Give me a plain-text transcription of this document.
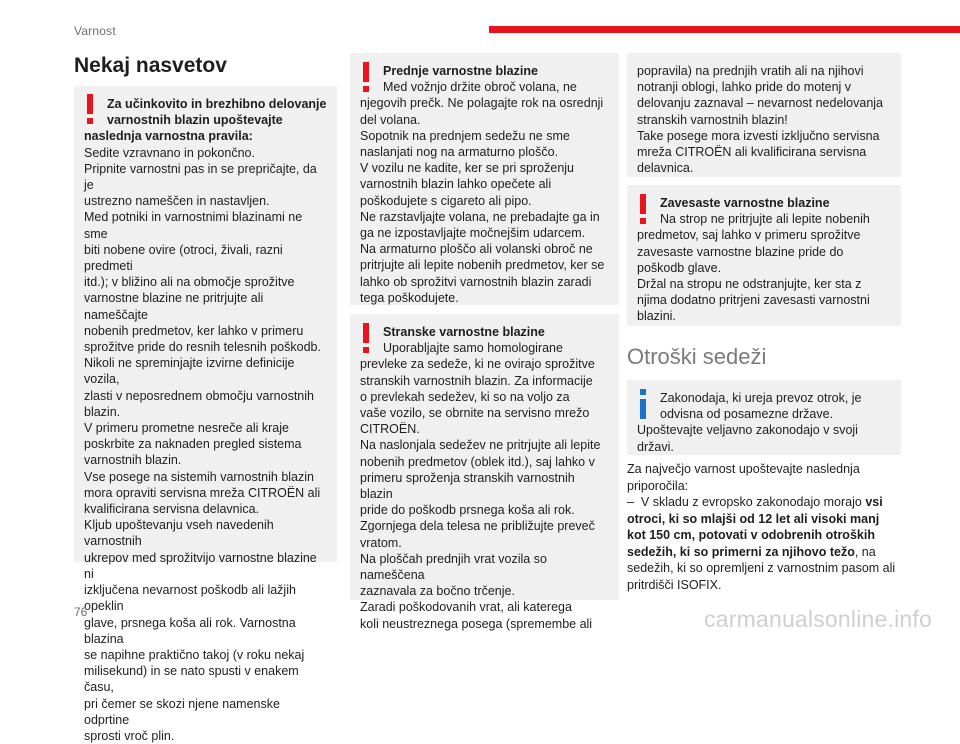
Varnost
Nekaj nasvetov
Za učinkovito in brezhibno delovanje
varnostnih blazin upoštevajte
naslednja varnostna pravila:
Sedite vzravnano in pokončno.
Pripnite varnostni pas in se prepričajte, da je
ustrezno nameščen in nastavljen.
Med potniki in varnostnimi blazinami ne sme
biti nobene ovire (otroci, živali, razni predmeti
itd.); v bližino ali na območje sprožitve
varnostne blazine ne pritrjujte ali nameščajte
nobenih predmetov, ker lahko v primeru
sprožitve pride do resnih telesnih poškodb.
Nikoli ne spreminjajte izvirne definicije vozila,
zlasti v neposrednem območju varnostnih
blazin.
V primeru prometne nesreče ali kraje
poskrbite za naknaden pregled sistema
varnostnih blazin.
Vse posege na sistemih varnostnih blazin
mora opraviti servisna mreža CITROËN ali
kvalificirana servisna delavnica.
Kljub upoštevanju vseh navedenih varnostnih
ukrepov med sprožitvijo varnostne blazine ni
izključena nevarnost poškodb ali lažjih opeklin
glave, prsnega koša ali rok. Varnostna blazina
se napihne praktično takoj (v roku nekaj
milisekund) in se nato spusti v enakem času,
pri čemer se skozi njene namenske odprtine
sprosti vroč plin.
Prednje varnostne blazine
Med vožnjo držite obroč volana, ne
njegovih prečk. Ne polagajte rok na osrednji
del volana.
Sopotnik na prednjem sedežu ne sme
naslanjati nog na armaturno ploščo.
V vozilu ne kadite, ker se pri sproženju
varnostnih blazin lahko opečete ali
poškodujete s cigareto ali pipo.
Ne razstavljajte volana, ne prebadajte ga in
ga ne izpostavljajte močnejšim udarcem.
Na armaturno ploščo ali volanski obroč ne
pritrjujte ali lepite nobenih predmetov, ker se
lahko ob sprožitvi varnostnih blazin zaradi
tega poškodujete.
Stranske varnostne blazine
Uporabljajte samo homologirane
prevleke za sedeže, ki ne ovirajo sprožitve
stranskih varnostnih blazin. Za informacije
o prevlekah sedežev, ki so na voljo za
vaše vozilo, se obrnite na servisno mrežo
CITROËN.
Na naslonjala sedežev ne pritrjujte ali lepite
nobenih predmetov (oblek itd.), saj lahko v
primeru sproženja stranskih varnostnih blazin
pride do poškodb prsnega koša ali rok.
Zgornjega dela telesa ne približujte preveč
vratom.
Na ploščah prednjih vrat vozila so nameščena
zaznavala za bočno trčenje.
Zaradi poškodovanih vrat, ali katerega
koli neustreznega posega (spremembe ali
popravila) na prednjih vratih ali na njihovi
notranji oblogi, lahko pride do motenj v
delovanju zaznaval – nevarnost nedelovanja
stranskih varnostnih blazin!
Take posege mora izvesti izključno servisna
mreža CITROËN ali kvalificirana servisna
delavnica.
Zavesaste varnostne blazine
Na strop ne pritrjujte ali lepite nobenih
predmetov, saj lahko v primeru sprožitve
zavesaste varnostne blazine pride do
poškodb glave.
Držal na stropu ne odstranjujte, ker sta z
njima dodatno pritrjeni zavesasti varnostni
blazini.
Otroški sedeži
Zakonodaja, ki ureja prevoz otrok, je
odvisna od posamezne države.
Upoštevajte veljavno zakonodajo v svoji
državi.
Za največjo varnost upoštevajte naslednja
priporočila:
–  V skladu z evropsko zakonodajo morajo vsi
otroci, ki so mlajši od 12 let ali visoki manj
kot 150 cm, potovati v odobrenih otroških
sedežih, ki so primerni za njihovo težo, na
sedežih, ki so opremljeni z varnostnim pasom ali
pritrdišči ISOFIX.
76	carmanualsonline.info
